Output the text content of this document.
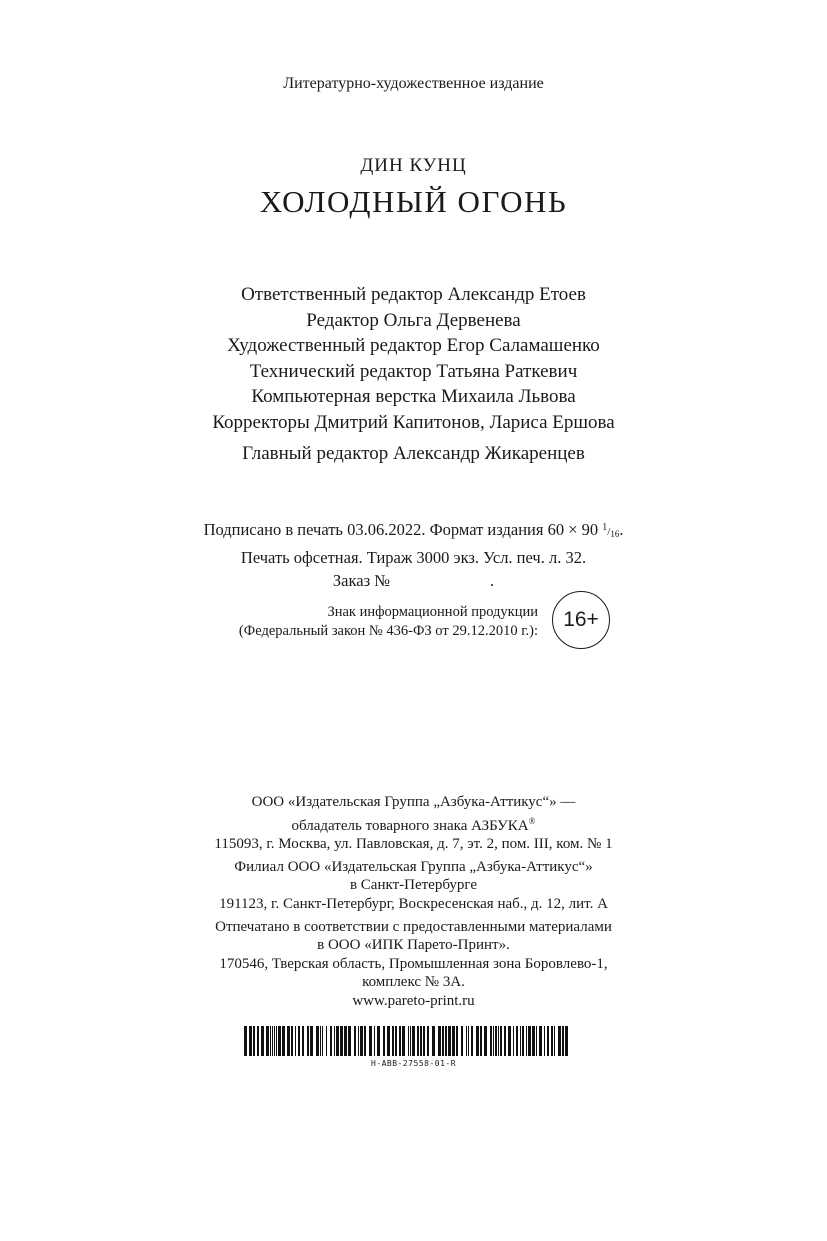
Литературно-художественное издание
ДИН КУНЦ
ХОЛОДНЫЙ ОГОНЬ
Ответственный редактор Александр Етоев
Редактор Ольга Дервенева
Художественный редактор Егор Саламашенко
Технический редактор Татьяна Раткевич
Компьютерная верстка Михаила Львова
Корректоры Дмитрий Капитонов, Лариса Ершова
Главный редактор Александр Жикаренцев
Подписано в печать 03.06.2022. Формат издания 60 × 90 $^1/_{16}$.
Печать офсетная. Тираж 3000 экз. Усл. печ. л. 32.
Заказ №	.
Знак информационной продукции
(Федеральный закон № 436-ФЗ от 29.12.2010 г.): 16+
ООО «Издательская Группа „Азбука-Аттикус“» —
обладатель товарного знака АЗБУКА®
115093, г. Москва, ул. Павловская, д. 7, эт. 2, пом. III, ком. № 1
Филиал ООО «Издательская Группа „Азбука-Аттикус“»
в Санкт-Петербурге
191123, г. Санкт-Петербург, Воскресенская наб., д. 12, лит. А
Отпечатано в соответствии с предоставленными материалами
в ООО «ИПК Парето-Принт».
170546, Тверская область, Промышленная зона Боровлево-1,
комплекс № 3А.
www.pareto-print.ru
Н-АВВ-27558-01-R
